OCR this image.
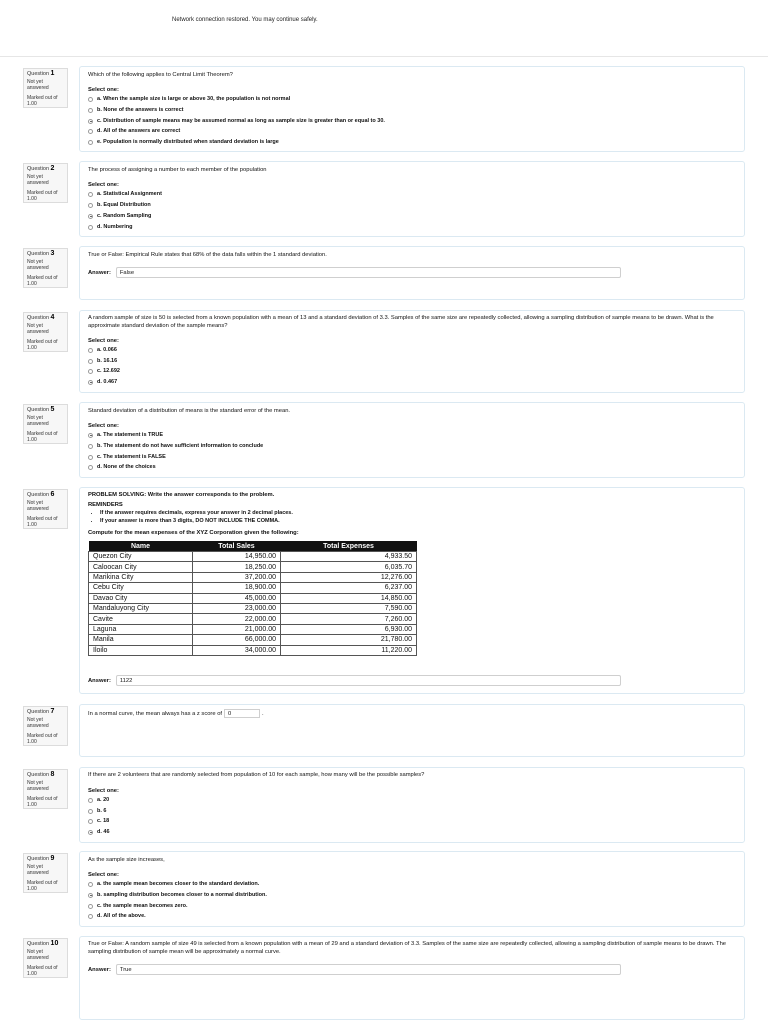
Network connection restored. You may continue safely.
Question 1
Not yet answered
Marked out of 1.00
Which of the following applies to Central Limit Theorem?
Select one:
a. When the sample size is large or above 30, the population is not normal
b. None of the answers is correct
c. Distribution of sample means may be assumed normal as long as sample size is greater than or equal to 30.
d. All of the answers are correct
e. Population is normally distributed when standard deviation is large
Question 2
Not yet answered
Marked out of 1.00
The process of assigning a number to each member of the population
Select one:
a. Statistical Assignment
b. Equal Distribution
c. Random Sampling
d. Numbering
Question 3
Not yet answered
Marked out of 1.00
True or False: Empirical Rule states that 68% of the data falls within the 1 standard deviation.
Answer:	False
Question 4
Not yet answered
Marked out of 1.00
A random sample of size is 50 is selected from a known population with a mean of 13 and a standard deviation of 3.3. Samples of the same size are repeatedly collected, allowing a sampling distribution of sample means to be drawn. What is the approximate standard deviation of the sample means?
Select one:
a. 0.066
b. 16.16
c. 12.692
d. 0.467
Question 5
Not yet answered
Marked out of 1.00
Standard deviation of a distribution of means is the standard error of the mean.
Select one:
a. The statement is TRUE
b. The statement do not have sufficient information to conclude
c. The statement is FALSE
d. None of the choices
Question 6
Not yet answered
Marked out of 1.00
PROBLEM SOLVING: Write the answer corresponds to the problem.
REMINDERS
• If the answer requires decimals, express your answer in 2 decimal places.
• If your answer is more than 3 digits, DO NOT INCLUDE THE COMMA.
Compute for the mean expenses of the XYZ Corporation given the following:
Name	Total Sales	Total Expenses
Quezon City	14,950.00	4,933.50
Caloocan City	18,250.00	6,035.70
Marikina City	37,200.00	12,276.00
Cebu City	18,900.00	6,237.00
Davao City	45,000.00	14,850.00
Mandaluyong City	23,000.00	7,590.00
Cavite	22,000.00	7,260.00
Laguna	21,000.00	6,930.00
Manila	66,000.00	21,780.00
Iloilo	34,000.00	11,220.00
Answer:	1122
Question 7
Not yet answered
Marked out of 1.00
In a normal curve, the mean always has a z score of 0	.
Question 8
Not yet answered
Marked out of 1.00
If there are 2 volunteers that are randomly selected from population of 10 for each sample, how many will be the possible samples?
Select one:
a. 20
b. 6
c. 18
d. 46
Question 9
Not yet answered
Marked out of 1.00
As the sample size increases,
Select one:
a. the sample mean becomes closer to the standard deviation.
b. sampling distribution becomes closer to a normal distribution.
c. the sample mean becomes zero.
d. All of the above.
Question 10
Not yet answered
Marked out of 1.00
True or False: A random sample of size 49 is selected from a known population with a mean of 29 and a standard deviation of 3.3. Samples of the same size are repeatedly collected, allowing a sampling distribution of sample means to be drawn. The sampling distribution of sample mean will be approximately a normal curve.
Answer:	True
